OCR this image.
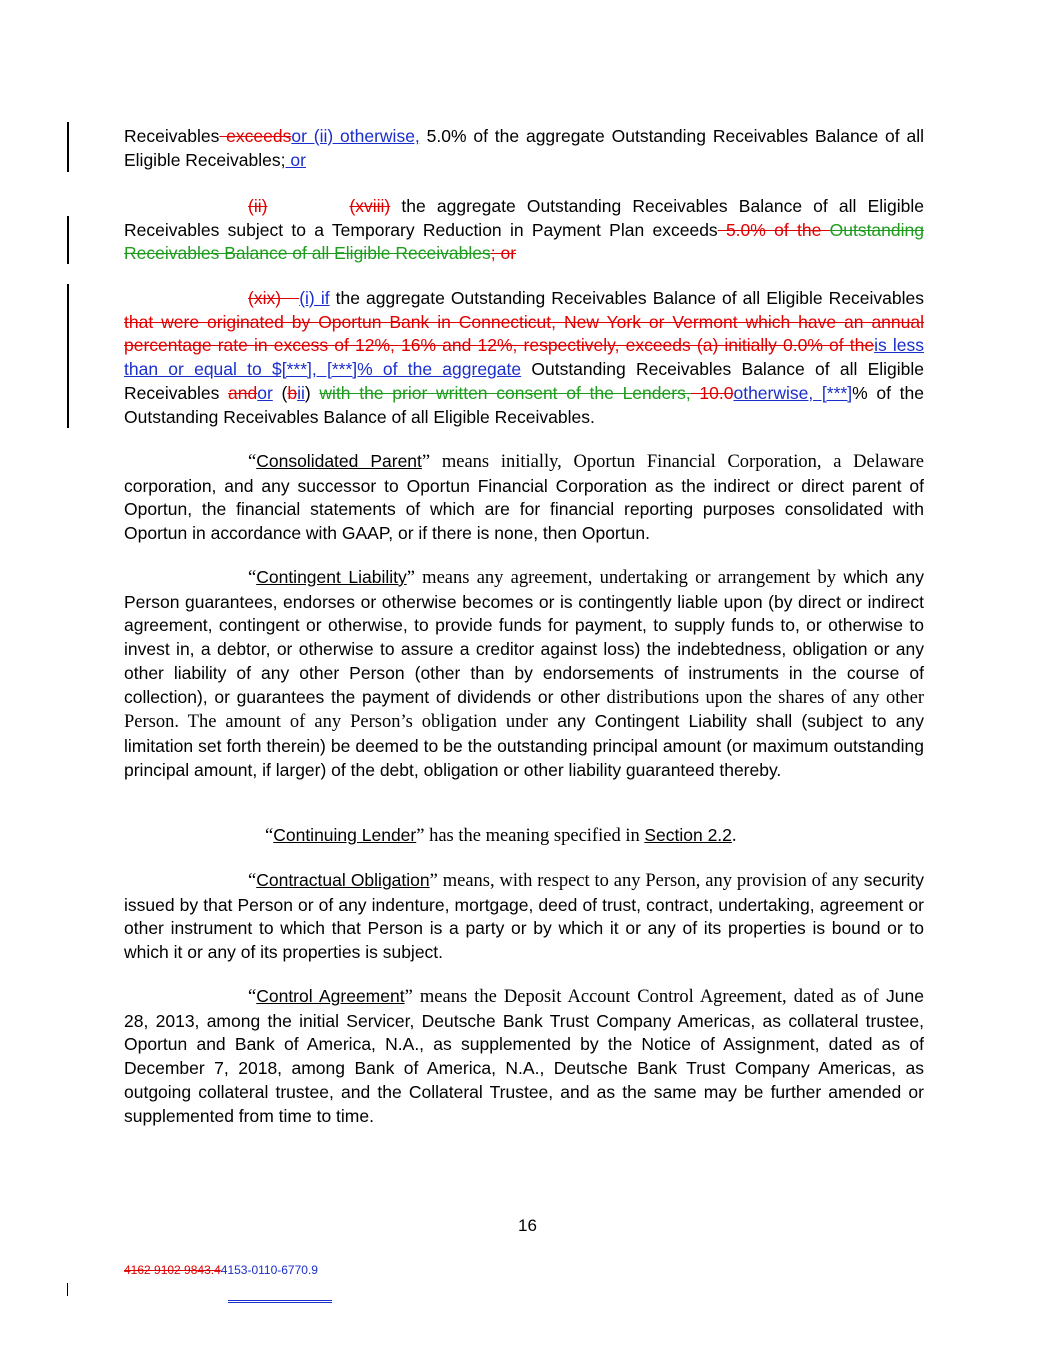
Receivables exceedsor (ii) otherwise, 5.0% of the aggregate Outstanding Receivables Balance of all Eligible Receivables; or
(ii)	(xviii) the aggregate Outstanding Receivables Balance of all Eligible Receivables subject to a Temporary Reduction in Payment Plan exceeds 5.0% of the Outstanding Receivables Balance of all Eligible Receivables; or
(xix) (i) if the aggregate Outstanding Receivables Balance of all Eligible Receivables that were originated by Oportun Bank in Connecticut, New York or Vermont which have an annual percentage rate in excess of 12%, 16% and 12%, respectively, exceeds (a) initially 0.0% of theis less than or equal to $[***], [***]% of the aggregate Outstanding Receivables Balance of all Eligible Receivables andor (bii) with the prior written consent of the Lenders, 10.0otherwise, [***]% of the Outstanding Receivables Balance of all Eligible Receivables.
“Consolidated Parent” means initially, Oportun Financial Corporation, a Delaware corporation, and any successor to Oportun Financial Corporation as the indirect or direct parent of Oportun, the financial statements of which are for financial reporting purposes consolidated with Oportun in accordance with GAAP, or if there is none, then Oportun.
“Contingent Liability” means any agreement, undertaking or arrangement by which any Person guarantees, endorses or otherwise becomes or is contingently liable upon (by direct or indirect agreement, contingent or otherwise, to provide funds for payment, to supply funds to, or otherwise to invest in, a debtor, or otherwise to assure a creditor against loss) the indebtedness, obligation or any other liability of any other Person (other than by endorsements of instruments in the course of collection), or guarantees the payment of dividends or other distributions upon the shares of any other Person. The amount of any Person’s obligation under any Contingent Liability shall (subject to any limitation set forth therein) be deemed to be the outstanding principal amount (or maximum outstanding principal amount, if larger) of the debt, obligation or other liability guaranteed thereby.
“Continuing Lender” has the meaning specified in Section 2.2.
“Contractual Obligation” means, with respect to any Person, any provision of any security issued by that Person or of any indenture, mortgage, deed of trust, contract, undertaking, agreement or other instrument to which that Person is a party or by which it or any of its properties is bound or to which it or any of its properties is subject.
“Control Agreement” means the Deposit Account Control Agreement, dated as of June 28, 2013, among the initial Servicer, Deutsche Bank Trust Company Americas, as collateral trustee, Oportun and Bank of America, N.A., as supplemented by the Notice of Assignment, dated as of December 7, 2018, among Bank of America, N.A., Deutsche Bank Trust Company Americas, as outgoing collateral trustee, and the Collateral Trustee, and as the same may be further amended or supplemented from time to time.
16
4162 9102 9843.44153-0110-6770.9
